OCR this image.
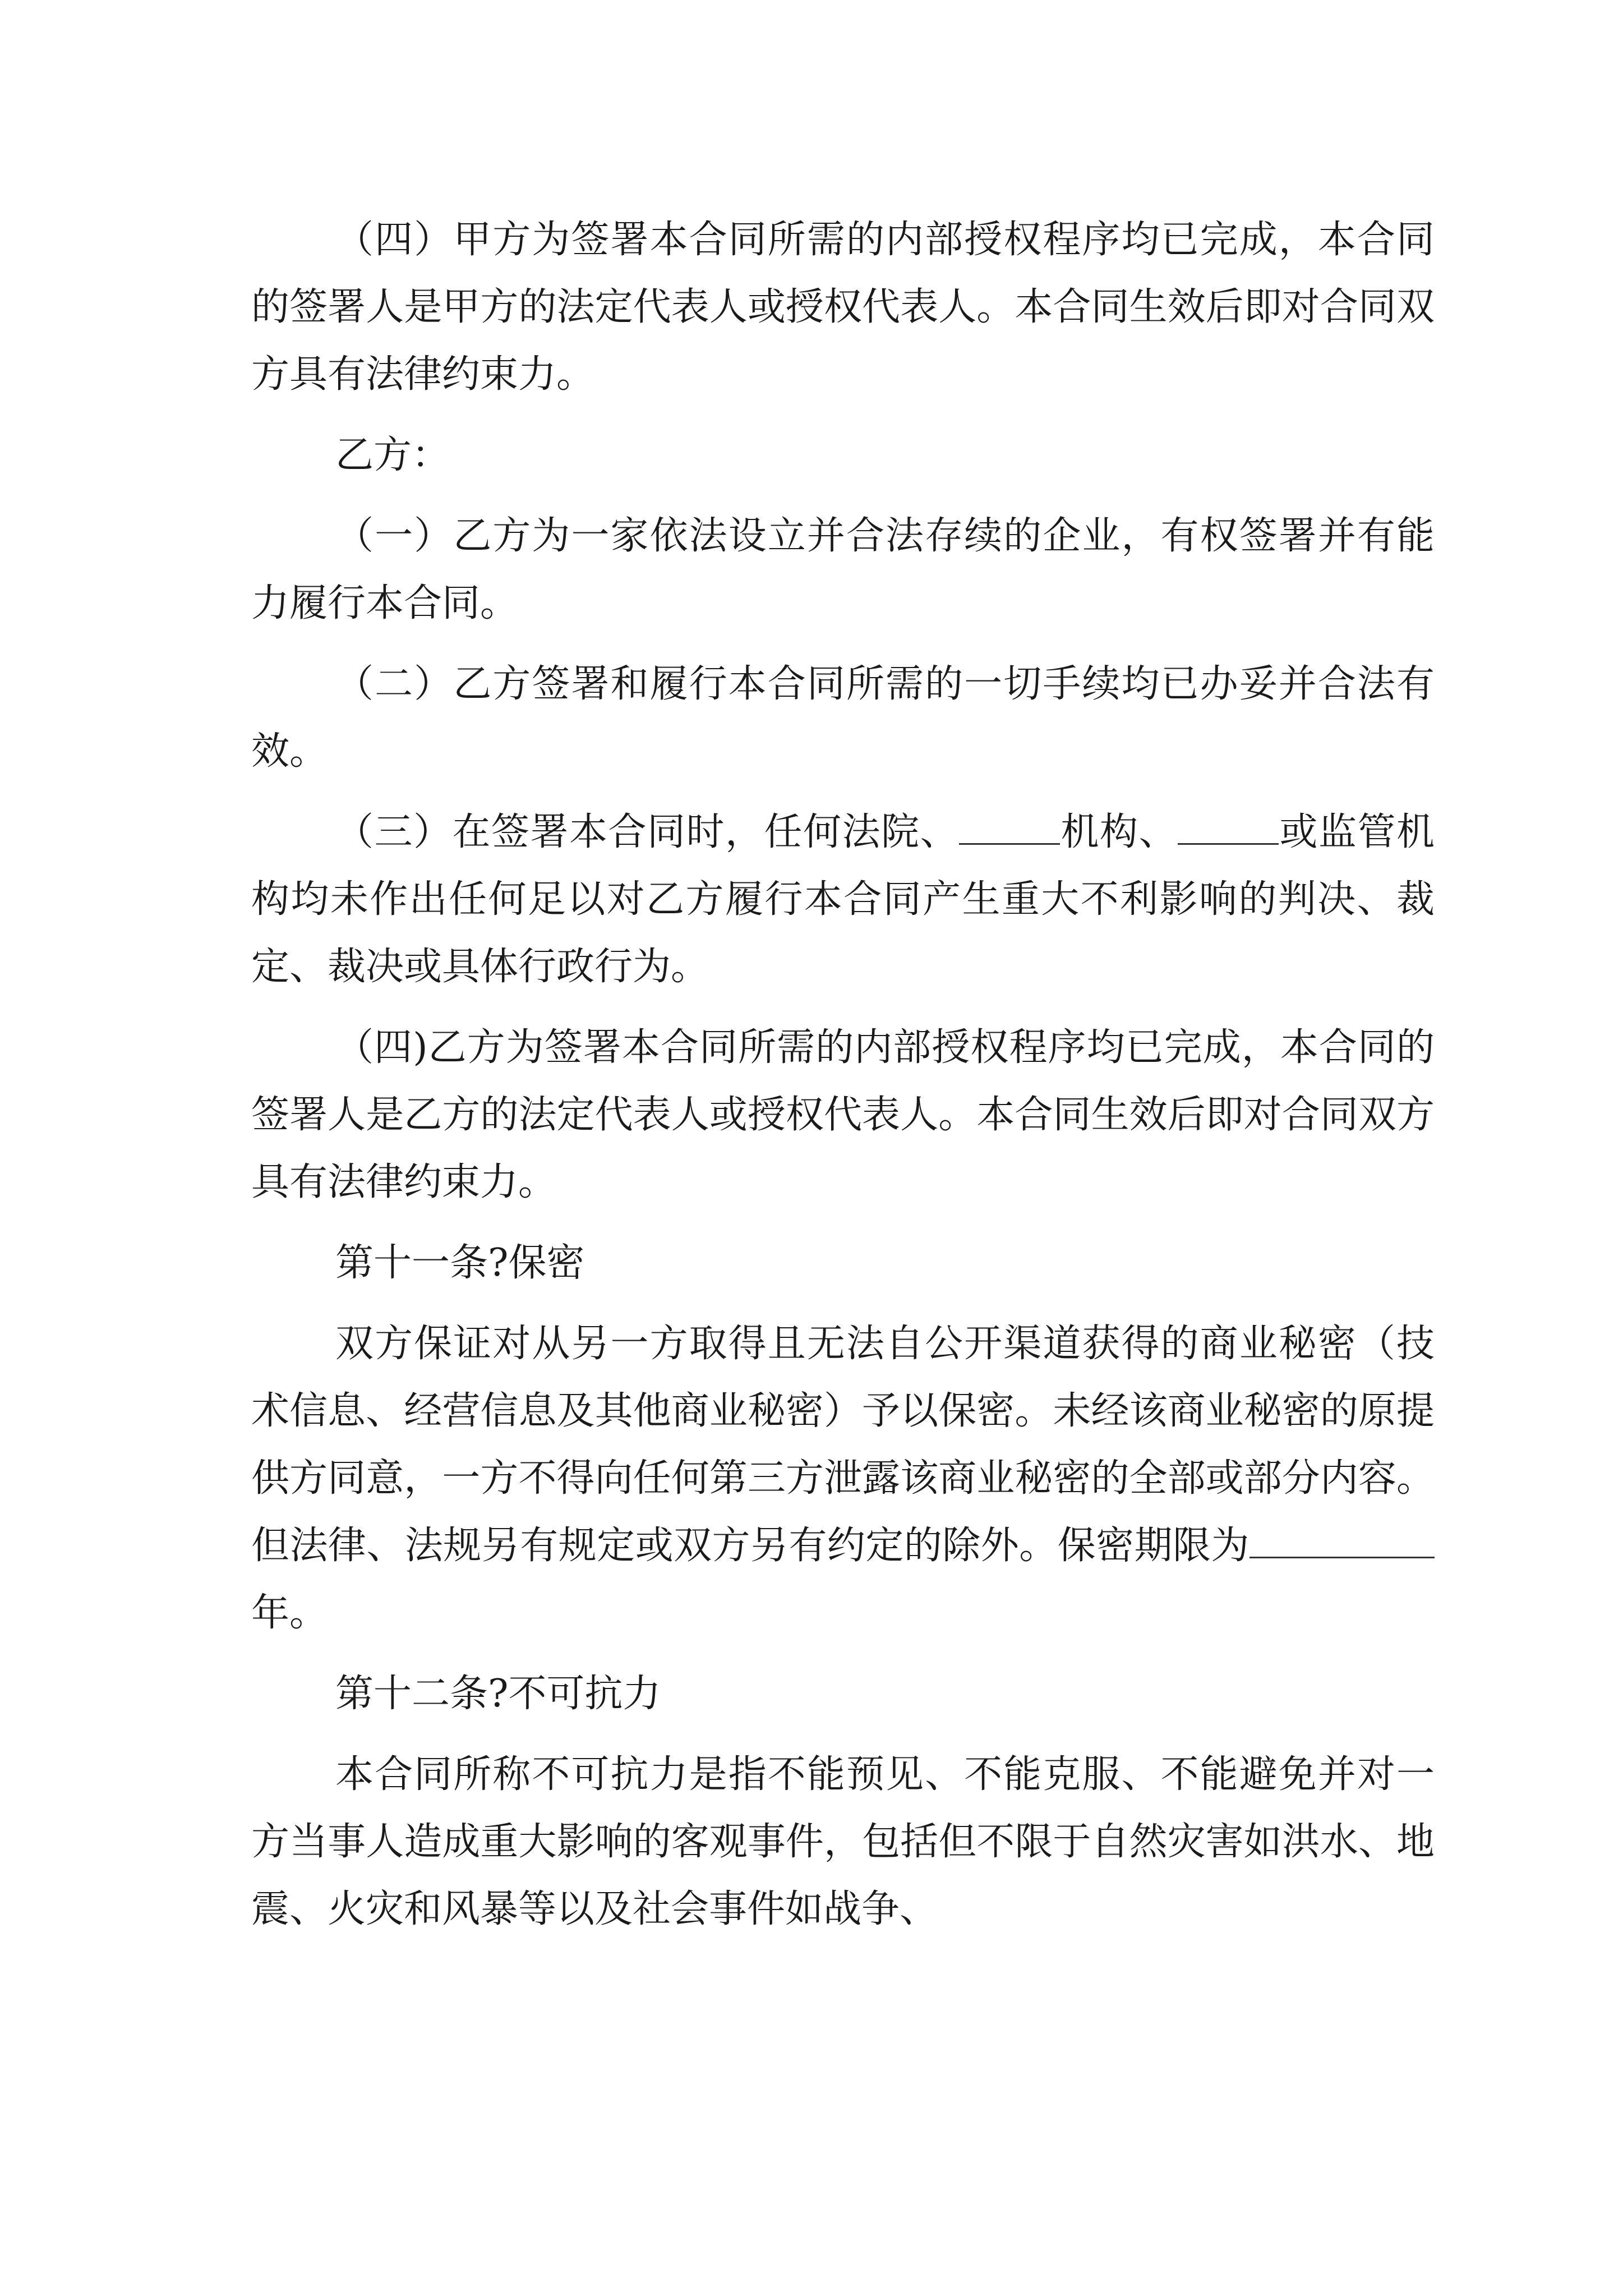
（四）甲方为签署本合同所需的内部授权程序均已完成，本合同的签署人是甲方的法定代表人或授权代表人。本合同生效后即对合同双方具有法律约束力。

乙方：

（一）乙方为一家依法设立并合法存续的企业，有权签署并有能力履行本合同。

（二）乙方签署和履行本合同所需的一切手续均已办妥并合法有效。

（三）在签署本合同时，任何法院、	机构、	或监管机构均未作出任何足以对乙方履行本合同产生重大不利影响的判决、裁定、裁决或具体行政行为。

（四)乙方为签署本合同所需的内部授权程序均已完成，本合同的签署人是乙方的法定代表人或授权代表人。本合同生效后即对合同双方具有法律约束力。

第十一条?保密

双方保证对从另一方取得且无法自公开渠道获得的商业秘密（技术信息、经营信息及其他商业秘密）予以保密。未经该商业秘密的原提供方同意，一方不得向任何第三方泄露该商业秘密的全部或部分内容。但法律、法规另有规定或双方另有约定的除外。保密期限为年。

第十二条?不可抗力

本合同所称不可抗力是指不能预见、不能克服、不能避免并对一方当事人造成重大影响的客观事件，包括但不限于自然灾害如洪水、地震、火灾和风暴等以及社会事件如战争、
